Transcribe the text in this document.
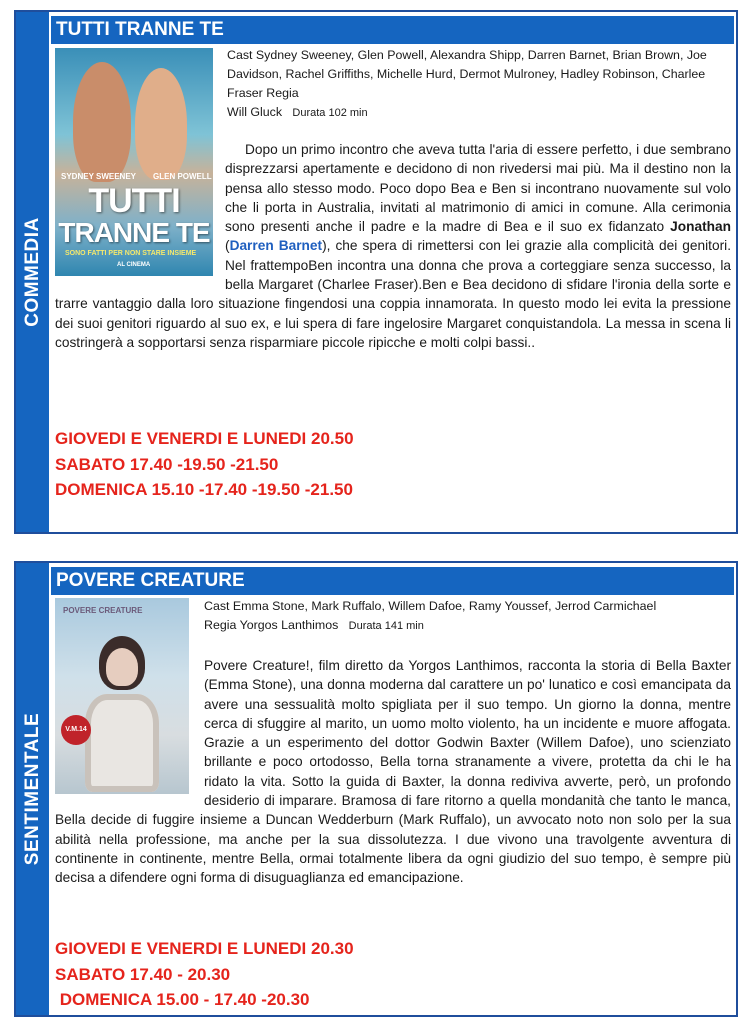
COMMEDIA
TUTTI TRANNE TE
SYDNEY SWEENEY GLEN POWELL
TUTTI
TRANNE TE
SONO FATTI PER NON STARE INSIEME
AL CINEMA
Cast Sydney Sweeney, Glen Powell, Alexandra Shipp, Darren Barnet, Brian Brown, Joe Davidson, Rachel Griffiths, Michelle Hurd, Dermot Mulroney, Hadley Robinson, Charlee Fraser Regia
Will Gluck Durata 102 min
Dopo un primo incontro che aveva tutta l'aria di essere perfetto, i due sembrano disprezzarsi apertamente e decidono di non rivedersi mai più. Ma il destino non la pensa allo stesso modo. Poco dopo Bea e Ben si incontrano nuovamente sul volo che li porta in Australia, invitati al matrimonio di amici in comune. Alla cerimonia sono presenti anche il padre e la madre di Bea e il suo ex fidanzato Jonathan (Darren Barnet), che spera di rimettersi con lei grazie alla complicità dei genitori. Nel frattempoBen incontra una donna che prova a corteggiare senza successo, la bella Margaret (Charlee Fraser).Ben e Bea decidono di sfidare l'ironia della sorte e trarre vantaggio dalla loro situazione fingendosi una coppia innamorata. In questo modo lei evita la pressione dei suoi genitori riguardo al suo ex, e lui spera di fare ingelosire Margaret conquistandola. La messa in scena li costringerà a sopportarsi senza risparmiare piccole ripicche e molti colpi bassi..
GIOVEDI E VENERDI E LUNEDI 20.50
SABATO 17.40 -19.50 -21.50
DOMENICA 15.10 -17.40 -19.50 -21.50
SENTIMENTALE
POVERE CREATURE
POVERE CREATURE
V.M.14
Cast Emma Stone, Mark Ruffalo, Willem Dafoe, Ramy Youssef, Jerrod Carmichael
Regia Yorgos Lanthimos Durata 141 min
Povere Creature!, film diretto da Yorgos Lanthimos, racconta la storia di Bella Baxter (Emma Stone), una donna moderna dal carattere un po' lunatico e così emancipata da avere una sessualità molto spigliata per il suo tempo. Un giorno la donna, mentre cerca di sfuggire al marito, un uomo molto violento, ha un incidente e muore affogata. Grazie a un esperimento del dottor Godwin Baxter (Willem Dafoe), uno scienziato brillante e poco ortodosso, Bella torna stranamente a vivere, protetta da chi le ha ridato la vita. Sotto la guida di Baxter, la donna rediviva avverte, però, un profondo desiderio di imparare. Bramosa di fare ritorno a quella mondanità che tanto le manca, Bella decide di fuggire insieme a Duncan Wedderburn (Mark Ruffalo), un avvocato noto non solo per la sua abilità nella professione, ma anche per la sua dissolutezza. I due vivono una travolgente avventura di continente in continente, mentre Bella, ormai totalmente libera da ogni giudizio del suo tempo, è sempre più decisa a difendere ogni forma di disuguaglianza ed emancipazione.
GIOVEDI E VENERDI E LUNEDI 20.30
SABATO 17.40 - 20.30
DOMENICA 15.00 - 17.40 -20.30
